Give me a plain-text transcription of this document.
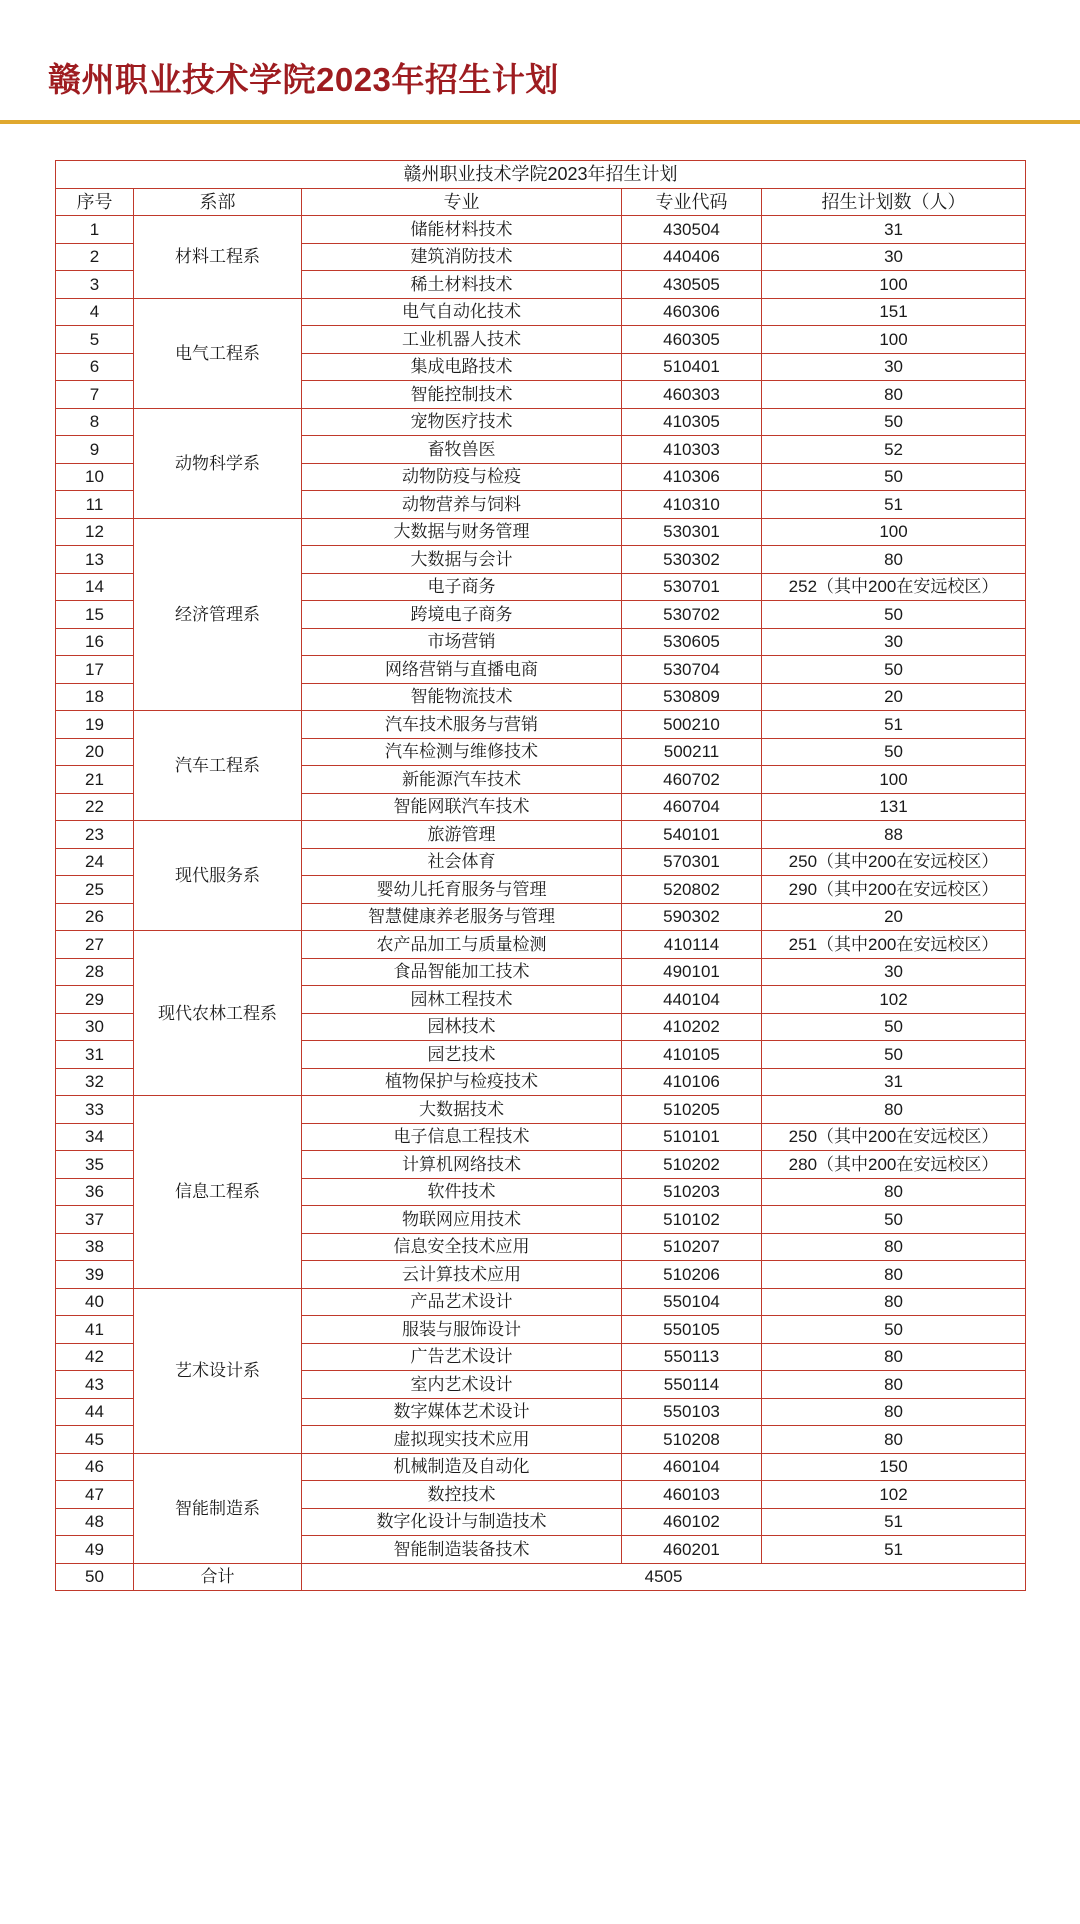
赣州职业技术学院2023年招生计划
赣州职业技术学院2023年招生计划				
序号	系部	专业	专业代码	招生计划数（人）
1	材料工程系	储能材料技术	430504	31
2		建筑消防技术	440406	30
3		稀土材料技术	430505	100
4	电气工程系	电气自动化技术	460306	151
5		工业机器人技术	460305	100
6		集成电路技术	510401	30
7		智能控制技术	460303	80
8	动物科学系	宠物医疗技术	410305	50
9		畜牧兽医	410303	52
10		动物防疫与检疫	410306	50
11		动物营养与饲料	410310	51
12	经济管理系	大数据与财务管理	530301	100
13		大数据与会计	530302	80
14		电子商务	530701	252（其中200在安远校区）
15		跨境电子商务	530702	50
16		市场营销	530605	30
17		网络营销与直播电商	530704	50
18		智能物流技术	530809	20
19	汽车工程系	汽车技术服务与营销	500210	51
20		汽车检测与维修技术	500211	50
21		新能源汽车技术	460702	100
22		智能网联汽车技术	460704	131
23	现代服务系	旅游管理	540101	88
24		社会体育	570301	250（其中200在安远校区）
25		婴幼儿托育服务与管理	520802	290（其中200在安远校区）
26		智慧健康养老服务与管理	590302	20
27	现代农林工程系	农产品加工与质量检测	410114	251（其中200在安远校区）
28		食品智能加工技术	490101	30
29		园林工程技术	440104	102
30		园林技术	410202	50
31		园艺技术	410105	50
32		植物保护与检疫技术	410106	31
33	信息工程系	大数据技术	510205	80
34		电子信息工程技术	510101	250（其中200在安远校区）
35		计算机网络技术	510202	280（其中200在安远校区）
36		软件技术	510203	80
37		物联网应用技术	510102	50
38		信息安全技术应用	510207	80
39		云计算技术应用	510206	80
40	艺术设计系	产品艺术设计	550104	80
41		服装与服饰设计	550105	50
42		广告艺术设计	550113	80
43		室内艺术设计	550114	80
44		数字媒体艺术设计	550103	80
45		虚拟现实技术应用	510208	80
46	智能制造系	机械制造及自动化	460104	150
47		数控技术	460103	102
48		数字化设计与制造技术	460102	51
49		智能制造装备技术	460201	51
50	合计	4505		
